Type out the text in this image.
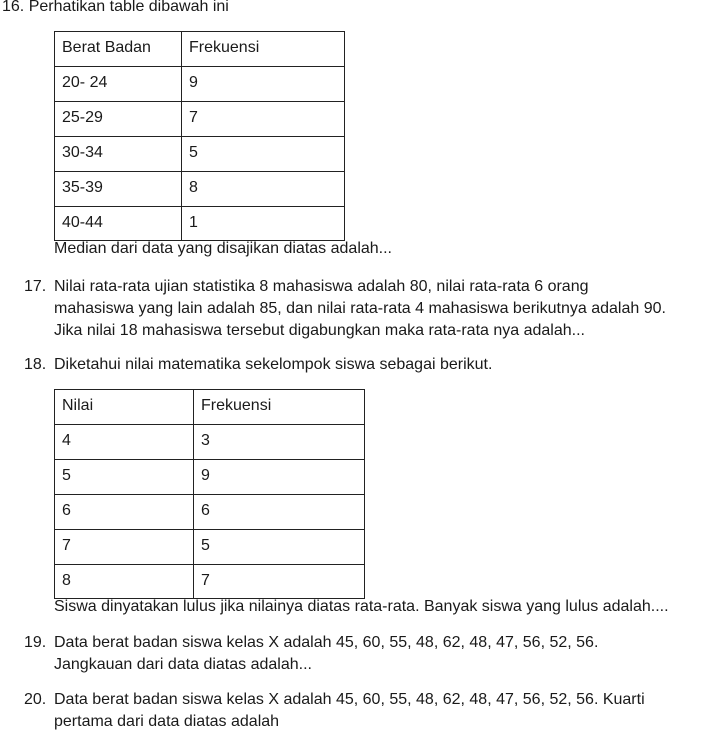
16. Perhatikan table dibawah ini
Berat Badan	Frekuensi
20- 24	9
25-29	7
30-34	5
35-39	8
40-44	1
Median dari data yang disajikan diatas adalah...
17. Nilai rata-rata ujian statistika 8 mahasiswa adalah 80, nilai rata-rata 6 orang
mahasiswa yang lain adalah 85, dan nilai rata-rata 4 mahasiswa berikutnya adalah 90.
Jika nilai 18 mahasiswa tersebut digabungkan maka rata-rata nya adalah...
18. Diketahui nilai matematika sekelompok siswa sebagai berikut.
Nilai	Frekuensi
4	3
5	9
6	6
7	5
8	7
Siswa dinyatakan lulus jika nilainya diatas rata-rata. Banyak siswa yang lulus adalah....
19. Data berat badan siswa kelas X adalah 45, 60, 55, 48, 62, 48, 47, 56, 52, 56.
Jangkauan dari data diatas adalah...
20. Data berat badan siswa kelas X adalah 45, 60, 55, 48, 62, 48, 47, 56, 52, 56. Kuarti
pertama dari data diatas adalah
